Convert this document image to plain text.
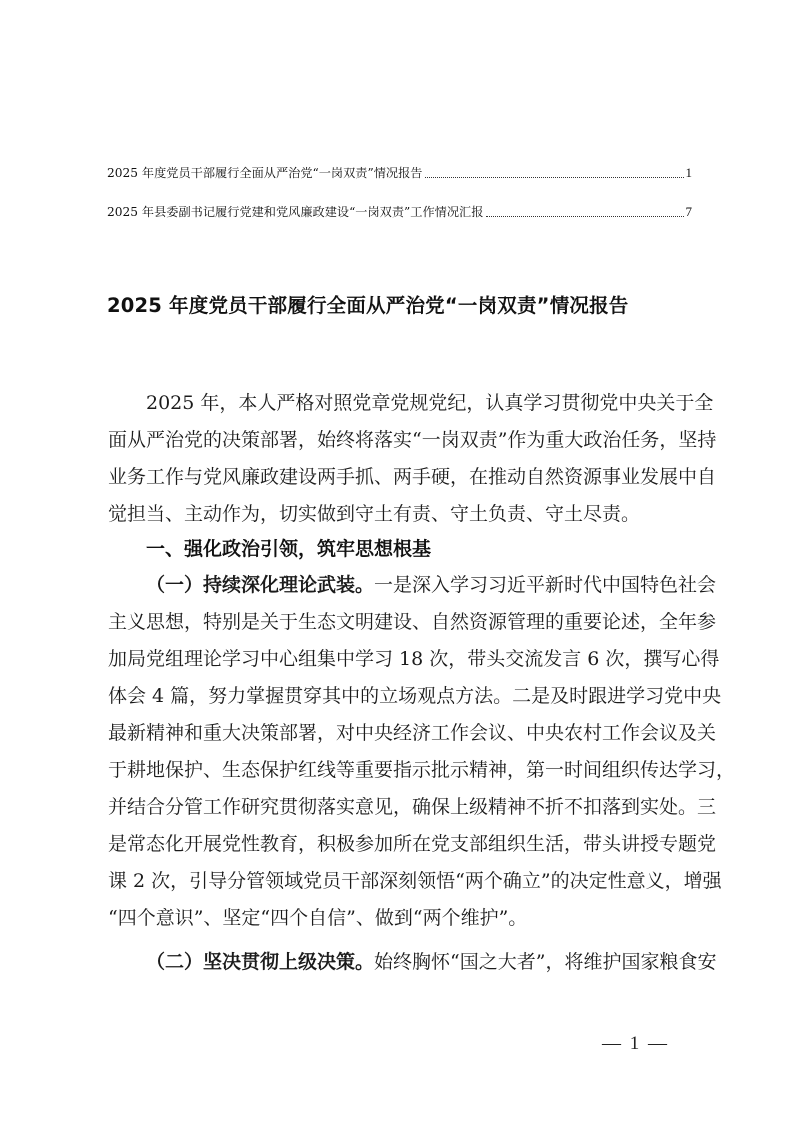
2025 年度党员干部履行全面从严治党“一岗双责”情况报告	1
2025 年县委副书记履行党建和党风廉政建设“一岗双责”工作情况汇报	7
2025 年度党员干部履行全面从严治党“一岗双责”情况报告
2025 年，本人严格对照党章党规党纪，认真学习贯彻党中央关于全
面从严治党的决策部署，始终将落实“一岗双责”作为重大政治任务，坚持
业务工作与党风廉政建设两手抓、两手硬，在推动自然资源事业发展中自
觉担当、主动作为，切实做到守土有责、守土负责、守土尽责。
（一）持续深化理论武装。一是深入学习习近平新时代中国特色社会
主义思想，特别是关于生态文明建设、自然资源管理的重要论述，全年参
加局党组理论学习中心组集中学习 18 次，带头交流发言 6 次，撰写心得
体会 4 篇，努力掌握贯穿其中的立场观点方法。二是及时跟进学习党中央
最新精神和重大决策部署，对中央经济工作会议、中央农村工作会议及关
于耕地保护、生态保护红线等重要指示批示精神，第一时间组织传达学习，
并结合分管工作研究贯彻落实意见，确保上级精神不折不扣落到实处。三
是常态化开展党性教育，积极参加所在党支部组织生活，带头讲授专题党
课 2 次，引导分管领域党员干部深刻领悟“两个确立”的决定性意义，增强
“四个意识”、坚定“四个自信”、做到“两个维护”。
（二）坚决贯彻上级决策。始终胸怀“国之大者”，将维护国家粮食安
一、强化政治引领，筑牢思想根基
— 1 —
